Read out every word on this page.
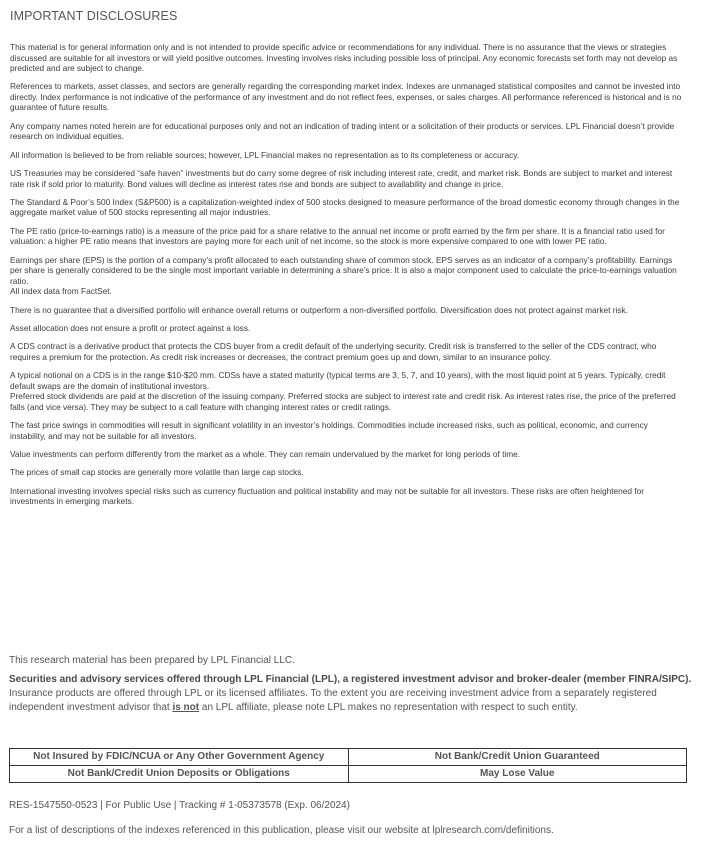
IMPORTANT DISCLOSURES

This material is for general information only and is not intended to provide specific advice or recommendations for any individual. There is no assurance that the views or strategies discussed are suitable for all investors or will yield positive outcomes. Investing involves risks including possible loss of principal. Any economic forecasts set forth may not develop as predicted and are subject to change.

References to markets, asset classes, and sectors are generally regarding the corresponding market index. Indexes are unmanaged statistical composites and cannot be invested into directly. Index performance is not indicative of the performance of any investment and do not reflect fees, expenses, or sales charges. All performance referenced is historical and is no guarantee of future results.

Any company names noted herein are for educational purposes only and not an indication of trading intent or a solicitation of their products or services. LPL Financial doesn’t provide research on individual equities.

All information is believed to be from reliable sources; however, LPL Financial makes no representation as to its completeness or accuracy.

US Treasuries may be considered “safe haven” investments but do carry some degree of risk including interest rate, credit, and market risk. Bonds are subject to market and interest rate risk if sold prior to maturity. Bond values will decline as interest rates rise and bonds are subject to availability and change in price.

The Standard & Poor’s 500 Index (S&P500) is a capitalization-weighted index of 500 stocks designed to measure performance of the broad domestic economy through changes in the aggregate market value of 500 stocks representing all major industries.

The PE ratio (price-to-earnings ratio) is a measure of the price paid for a share relative to the annual net income or profit earned by the firm per share. It is a financial ratio used for valuation: a higher PE ratio means that investors are paying more for each unit of net income, so the stock is more expensive compared to one with lower PE ratio.

Earnings per share (EPS) is the portion of a company’s profit allocated to each outstanding share of common stock. EPS serves as an indicator of a company’s profitability. Earnings per share is generally considered to be the single most important variable in determining a share’s price. It is also a major component used to calculate the price-to-earnings valuation ratio.
All index data from FactSet.

There is no guarantee that a diversified portfolio will enhance overall returns or outperform a non-diversified portfolio. Diversification does not protect against market risk.

Asset allocation does not ensure a profit or protect against a loss.

A CDS contract is a derivative product that protects the CDS buyer from a credit default of the underlying security. Credit risk is transferred to the seller of the CDS contract, who requires a premium for the protection. As credit risk increases or decreases, the contract premium goes up and down, similar to an insurance policy.

A typical notional on a CDS is in the range $10-$20 mm. CDSs have a stated maturity (typical terms are 3, 5, 7, and 10 years), with the most liquid point at 5 years. Typically, credit default swaps are the domain of institutional investors.
Preferred stock dividends are paid at the discretion of the issuing company. Preferred stocks are subject to interest rate and credit risk. As interest rates rise, the price of the preferred falls (and vice versa). They may be subject to a call feature with changing interest rates or credit ratings.

The fast price swings in commodities will result in significant volatility in an investor’s holdings. Commodities include increased risks, such as political, economic, and currency instability, and may not be suitable for all investors.

Value investments can perform differently from the market as a whole. They can remain undervalued by the market for long periods of time.

The prices of small cap stocks are generally more volatile than large cap stocks.

International investing involves special risks such as currency fluctuation and political instability and may not be suitable for all investors. These risks are often heightened for investments in emerging markets.

This research material has been prepared by LPL Financial LLC.
Securities and advisory services offered through LPL Financial (LPL), a registered investment advisor and broker-dealer (member FINRA/SIPC). Insurance products are offered through LPL or its licensed affiliates. To the extent you are receiving investment advice from a separately registered independent investment advisor that is not an LPL affiliate, please note LPL makes no representation with respect to such entity.
Not Insured by FDIC/NCUA or Any Other Government Agency	Not Bank/Credit Union Guaranteed
Not Bank/Credit Union Deposits or Obligations	May Lose Value
RES-1547550-0523 | For Public Use | Tracking # 1-05373578 (Exp. 06/2024)
For a list of descriptions of the indexes referenced in this publication, please visit our website at lplresearch.com/definitions.
